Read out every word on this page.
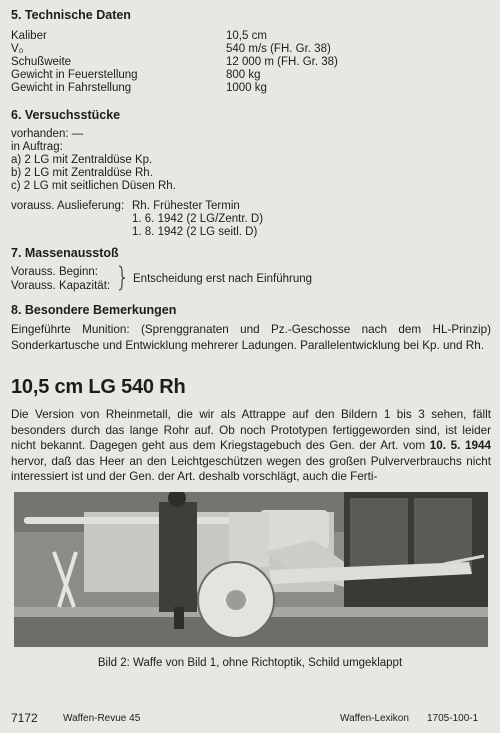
5. Technische Daten
Kaliber	10,5 cm
V₀	540 m/s (FH. Gr. 38)
Schußweite	12 000 m (FH. Gr. 38)
Gewicht in Feuerstellung	800 kg
Gewicht in Fahrstellung	1000 kg
6. Versuchsstücke

vorhanden: —

in Auftrag:

a) 2 LG mit Zentraldüse Kp.

b) 2 LG mit Zentraldüse Rh.

c) 2 LG mit seitlichen Düsen Rh.

vorauss. Auslieferung: Rh. Frühester Termin

1. 6. 1942 (2 LG/Zentr. D)

1. 8. 1942 (2 LG seitl. D)

7. Massenausstoß

Vorauss. Beginn:

Vorauss. Kapazität:

Entscheidung erst nach Einführung

8. Besondere Bemerkungen

Eingeführte Munition: (Sprenggranaten und Pz.-Geschosse nach dem HL-Prinzip) Sonderkartusche und Entwicklung mehrerer Ladungen. Parallelentwicklung bei Kp. und Rh.

10,5 cm LG 540 Rh

Die Version von Rheinmetall, die wir als Attrappe auf den Bildern 1 bis 3 sehen, fällt besonders durch das lange Rohr auf. Ob noch Prototypen fertiggeworden sind, ist leider nicht bekannt. Dagegen geht aus dem Kriegstagebuch des Gen. der Art. vom 10. 5. 1944 hervor, daß das Heer an den Leichtgeschützen wegen des großen Pulververbrauchs nicht interessiert ist und der Gen. der Art. deshalb vorschlägt, auch die Ferti-

Bild 2: Waffe von Bild 1, ohne Richtoptik, Schild umgeklappt
7172	Waffen-Revue 45	Waffen-Lexikon 1705-100-1
